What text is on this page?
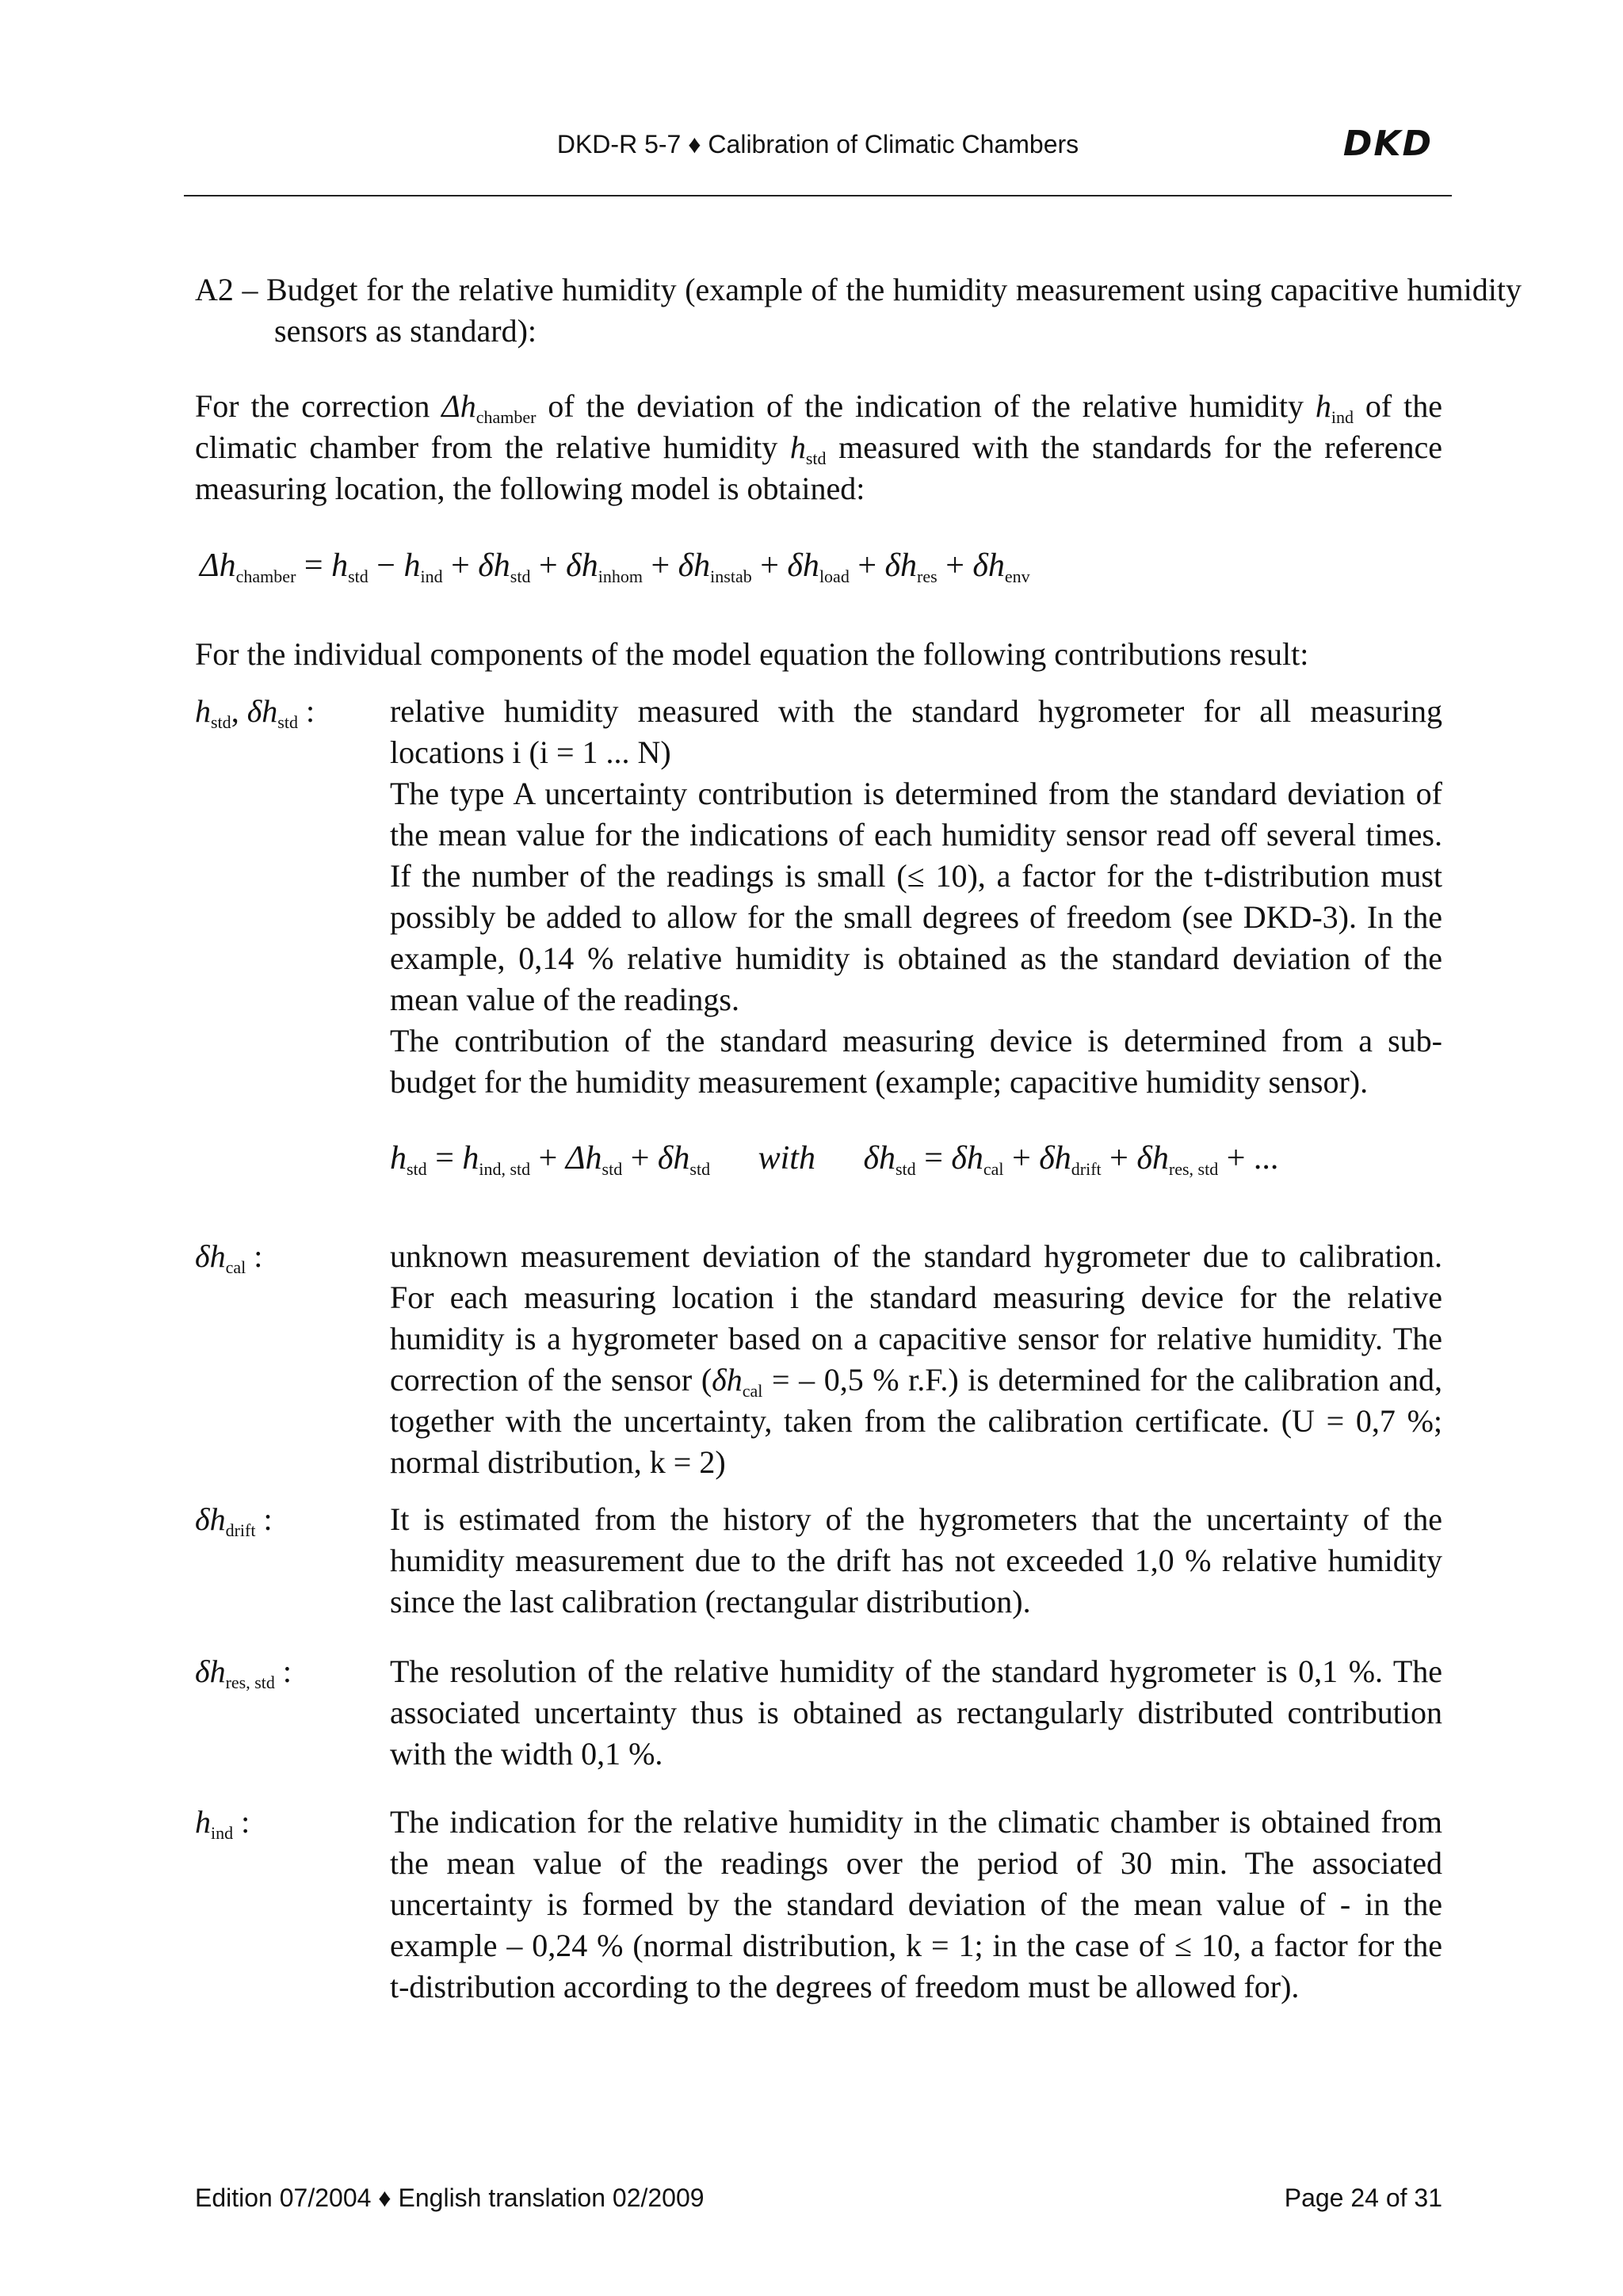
DKD-R 5-7 ♦ Calibration of Climatic Chambers	DKD
A2 – Budget for the relative humidity (example of the humidity measurement using capacitive humidity sensors as standard):
For the correction $\Delta h_{chamber}$ of the deviation of the indication of the relative humidity $h_{ind}$ of the climatic chamber from the relative humidity $h_{std}$ measured with the standards for the reference measuring location, the following model is obtained:
$\Delta h_{chamber} = h_{std} - h_{ind} + \delta h_{std} + \delta h_{inhom} + \delta h_{instab} + \delta h_{load} + \delta h_{res} + \delta h_{env}$
For the individual components of the model equation the following contributions result:
$h_{std}$, $\delta h_{std}$ : relative humidity measured with the standard hygrometer for all measuring locations i (i = 1 ... N)

The type A uncertainty contribution is determined from the standard deviation of the mean value for the indications of each humidity sensor read off several times. If the number of the readings is small (≤ 10), a factor for the t-distribution must possibly be added to allow for the small degrees of freedom (see DKD-3). In the example, 0,14 % relative humidity is obtained as the standard deviation of the mean value of the readings.

The contribution of the standard measuring device is determined from a sub-budget for the humidity measurement (example; capacitive humidity sensor).

$h_{std} = h_{ind, std} + \Delta h_{std} + \delta h_{std}$ with $\delta h_{std} = \delta h_{cal} + \delta h_{drift} + \delta h_{res, std}$ + ...
$\delta h_{cal}$ :	unknown measurement deviation of the standard hygrometer due to calibration. For each measuring location i the standard measuring device for the relative humidity is a hygrometer based on a capacitive sensor for relative humidity. The correction of the sensor ($\delta h_{cal}$ = – 0,5 % r.F.) is determined for the calibration and, together with the uncertainty, taken from the calibration certificate. (U = 0,7 %; normal distribution, k = 2)

$\delta h_{drift}$ :	It is estimated from the history of the hygrometers that the uncertainty of the humidity measurement due to the drift has not exceeded 1,0 % relative humidity since the last calibration (rectangular distribution).
$\delta h_{res, std}$ :	The resolution of the relative humidity of the standard hygrometer is 0,1 %. The associated uncertainty thus is obtained as rectangularly distributed contribution with the width 0,1 %.
$h_{ind}$ :	The indication for the relative humidity in the climatic chamber is obtained from the mean value of the readings over the period of 30 min. The associated uncertainty is formed by the standard deviation of the mean value of - in the example – 0,24 % (normal distribution, k = 1; in the case of ≤ 10, a factor for the t-distribution according to the degrees of freedom must be allowed for).
Edition 07/2004 ♦ English translation 02/2009	Page 24 of 31
